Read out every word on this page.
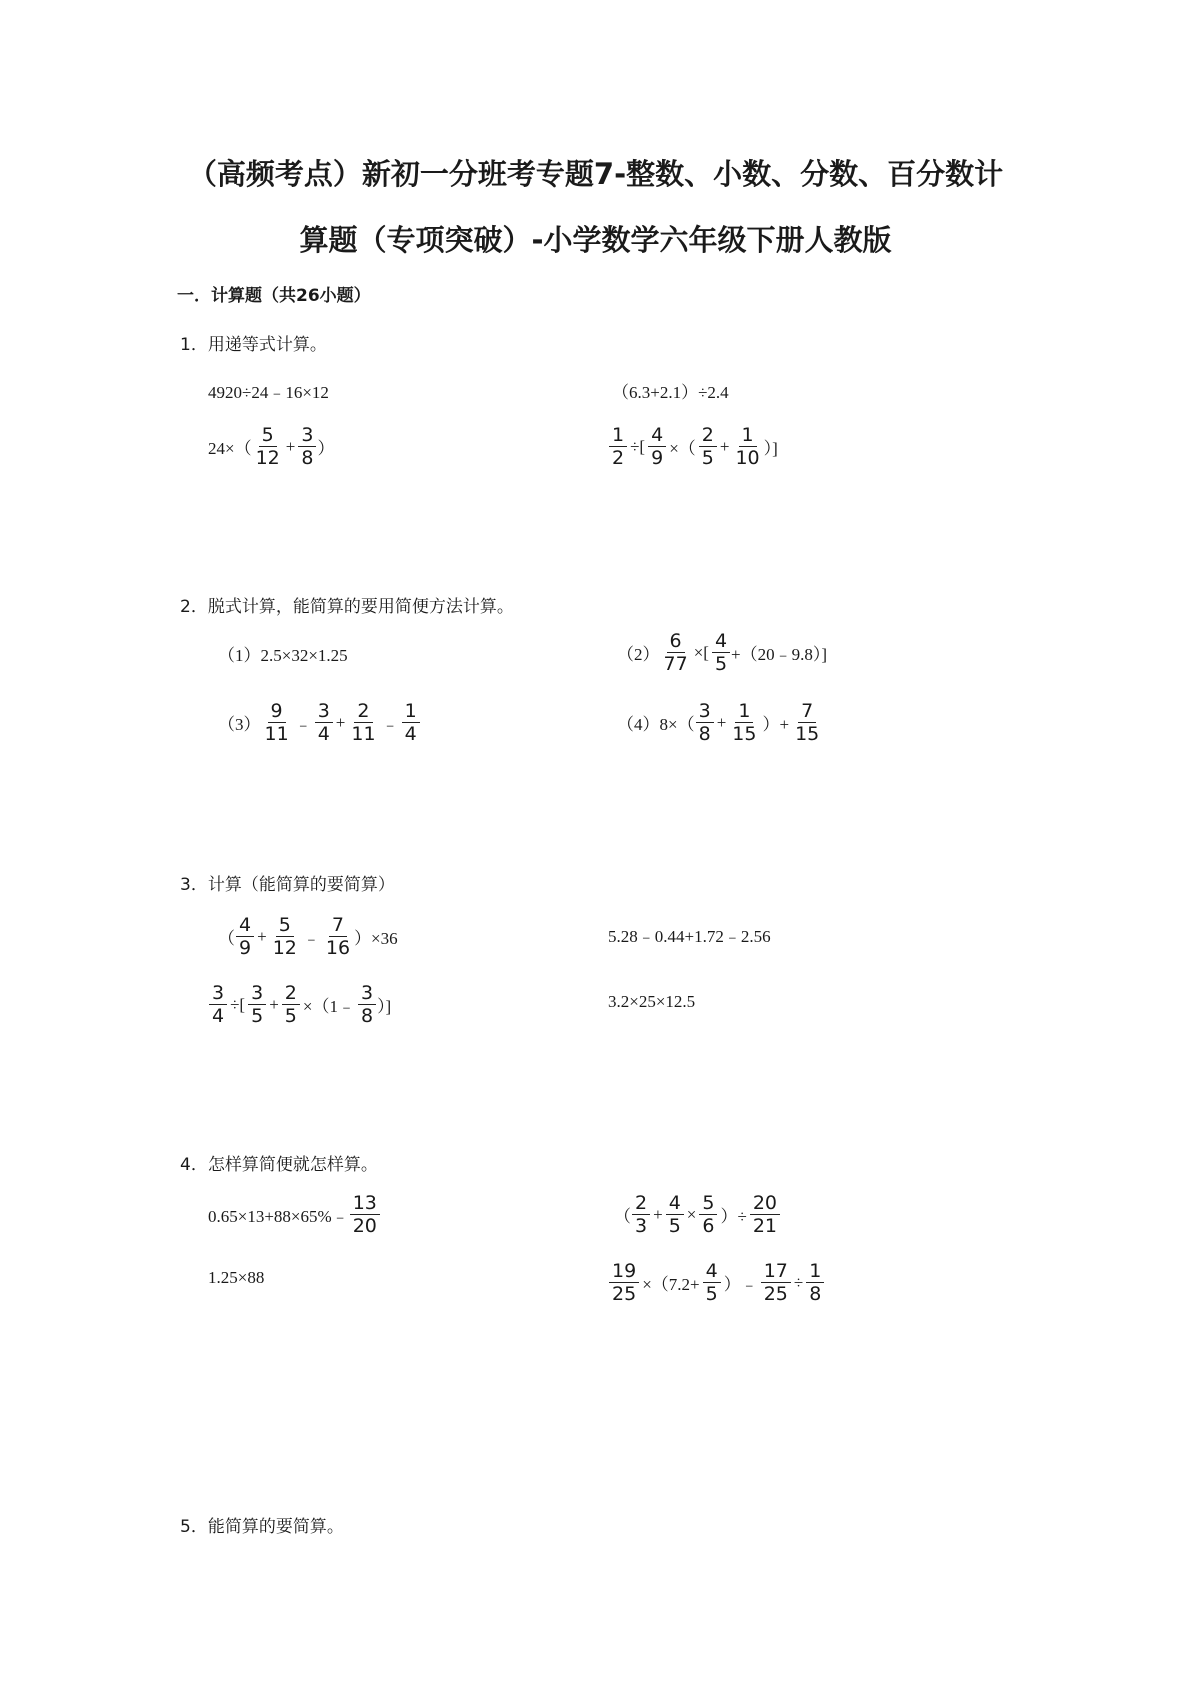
（高频考点）新初一分班考专题7-整数、小数、分数、百分数计
算题（专项突破）-小学数学六年级下册人教版
一．计算题（共26小题）
1．用递等式计算。
4920÷24﹣16×12	（6.3+2.1）÷2.4
$24\times( \frac{5}{12} + \frac{3}{8}$ ）	$\frac{1}{2}$ ÷[ $\frac{4}{9}$ ×（ $\frac{2}{5} + \frac{1}{10}$ ）]
2．脱式计算，能简算的要用简便方法计算。
（1）2.5×32×1.25	$(2) \frac{6}{77}$ ×[ $\frac{4}{5}$ +（20﹣9.8）]
$(3) \frac{9}{11}$ ﹣ $\frac{3}{4} + \frac{2}{11}$ ﹣ $\frac{1}{4}$	$(4)8\times( \frac{3}{8} + \frac{1}{15}$ ）+ $\frac{7}{15}$
3．计算（能简算的要简算）
（ $\frac{4}{9} + \frac{5}{12}$ ﹣ $\frac{7}{16} )\times 36$	5.28﹣0.44+1.72﹣2.56
$\frac{3}{4}$ ÷[ $\frac{3}{5} + \frac{2}{5}$ ×（1﹣ $\frac{3}{8}$ ）]	3.2×25×12.5
4．怎样算简便就怎样算。
0.65×13+88×65%﹣ $\frac{13}{20}$	（ $\frac{2}{3} + \frac{4}{5} \times \frac{5}{6}$ ）÷ $\frac{20}{21}$
1.25×88	$\frac{19}{25} \times(7.2+ \frac{4}{5}$ ）﹣ $\frac{17}{25} \div \frac{1}{8}$
5．能简算的要简算。
